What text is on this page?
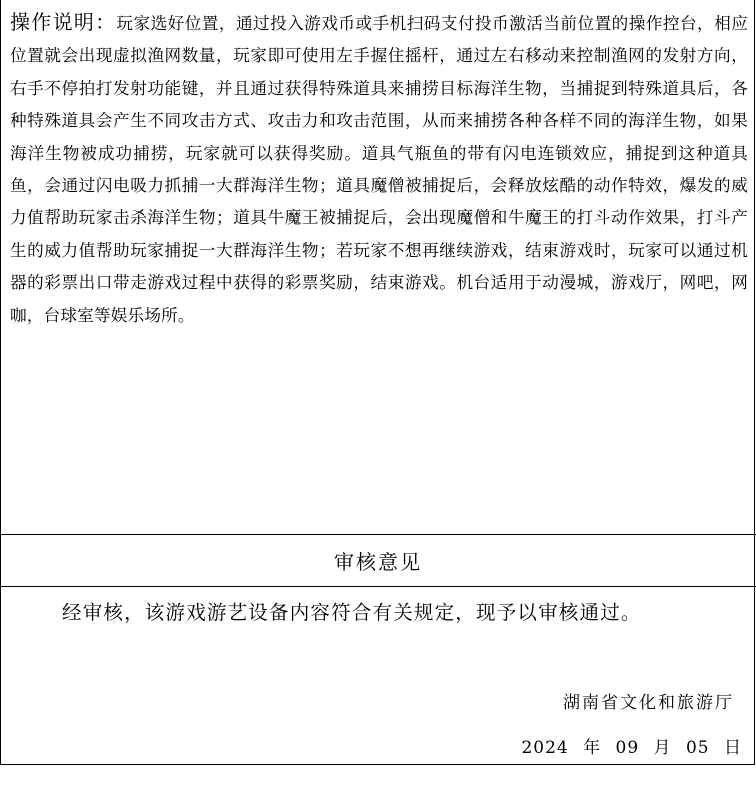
操作说明：玩家选好位置，通过投入游戏币或手机扫码支付投币激活当前位置的操作控台，相应位置就会出现虚拟渔网数量，玩家即可使用左手握住摇杆，通过左右移动来控制渔网的发射方向，右手不停拍打发射功能键，并且通过获得特殊道具来捕捞目标海洋生物，当捕捉到特殊道具后，各种特殊道具会产生不同攻击方式、攻击力和攻击范围，从而来捕捞各种各样不同的海洋生物，如果海洋生物被成功捕捞，玩家就可以获得奖励。道具气瓶鱼的带有闪电连锁效应，捕捉到这种道具鱼，会通过闪电吸力抓捕一大群海洋生物；道具魔僧被捕捉后，会释放炫酷的动作特效，爆发的威力值帮助玩家击杀海洋生物；道具牛魔王被捕捉后，会出现魔僧和牛魔王的打斗动作效果，打斗产生的威力值帮助玩家捕捉一大群海洋生物；若玩家不想再继续游戏，结束游戏时，玩家可以通过机器的彩票出口带走游戏过程中获得的彩票奖励，结束游戏。机台适用于动漫城，游戏厅，网吧，网咖，台球室等娱乐场所。
审核意见
经审核，该游戏游艺设备内容符合有关规定，现予以审核通过。
湖南省文化和旅游厅
2024 年 09 月 05 日
